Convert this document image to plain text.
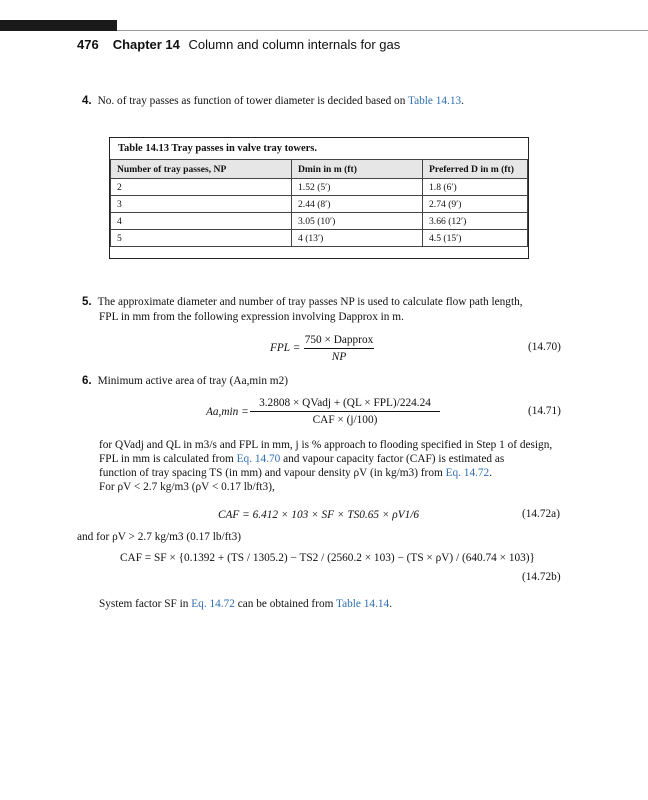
476 Chapter 14 Column and column internals for gas
4. No. of tray passes as function of tower diameter is decided based on Table 14.13.
Table 14.13 Tray passes in valve tray towers.
Number of tray passes, NP	Dmin in m (ft)	Preferred D in m (ft)
2	1.52 (5′)	1.8 (6′)
3	2.44 (8′)	2.74 (9′)
4	3.05 (10′)	3.66 (12′)
5	4 (13′)	4.5 (15′)
5. The approximate diameter and number of tray passes NP is used to calculate flow path length,
FPL in mm from the following expression involving Dapprox in m.
FPL =
750 × Dapprox
NP
(14.70)
6. Minimum active area of tray (Aa,min m2)
Aa,min =
3.2808 × QVadj + (QL × FPL)/224.24
CAF × (j/100)
(14.71)
for QVadj and QL in m3/s and FPL in mm, j is % approach to flooding specified in Step 1 of design,
FPL in mm is calculated from Eq. 14.70 and vapour capacity factor (CAF) is estimated as
function of tray spacing TS (in mm) and vapour density ρV (in kg/m3) from Eq. 14.72.
For ρV < 2.7 kg/m3 (ρV < 0.17 lb/ft3),
CAF = 6.412 × 103 × SF × TS0.65 × ρV1/6	(14.72a)
and for ρV > 2.7 kg/m3 (0.17 lb/ft3)
CAF = SF × {0.1392 + (TS / 1305.2) − TS2 / (2560.2 × 103) − (TS × ρV) / (640.74 × 103)}
(14.72b)
System factor SF in Eq. 14.72 can be obtained from Table 14.14.
